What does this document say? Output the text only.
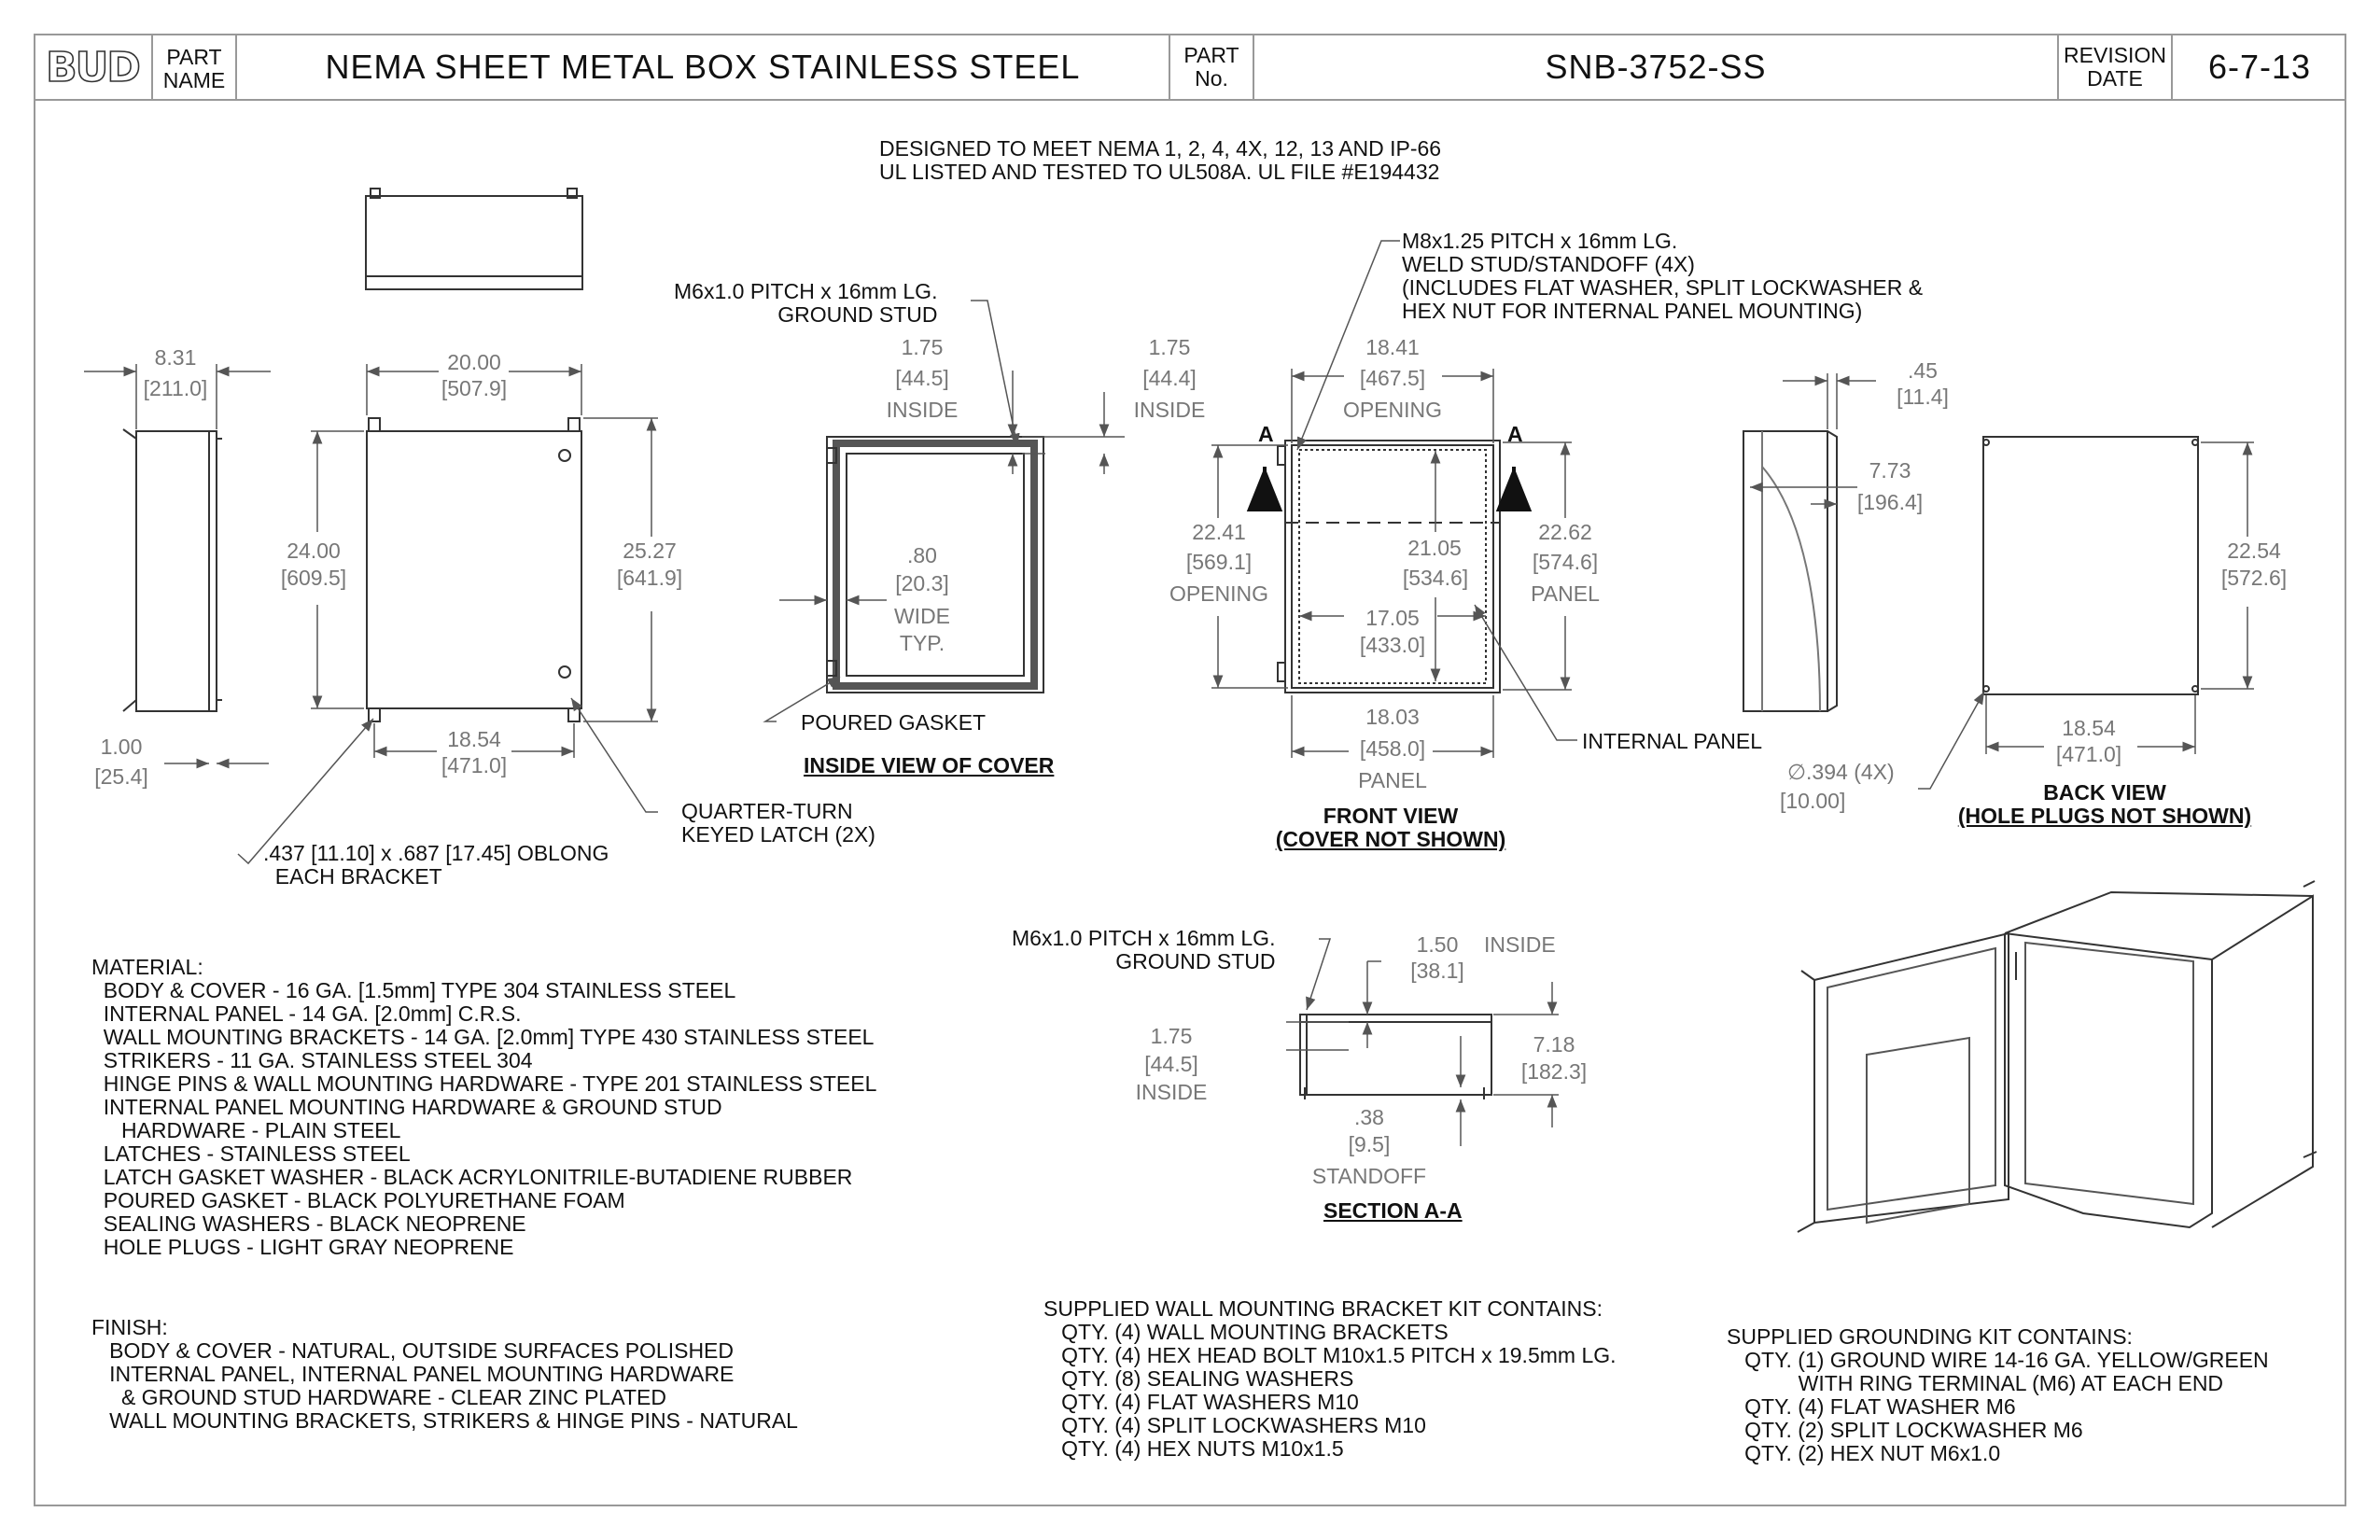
BUD	PART NAME	NEMA SHEET METAL BOX STAINLESS STEEL	PART No.	SNB-3752-SS	REVISION DATE	6-7-13
DESIGNED TO MEET NEMA 1, 2, 4, 4X, 12, 13 AND IP-66
UL LISTED AND TESTED TO UL508A. UL FILE #E194432
8.31
[211.0]
20.00
[507.9]
24.00
[609.5]
25.27
[641.9]
1.00
[25.4]
18.54
[471.0]
.437 [11.10] x .687 [17.45] OBLONG
EACH BRACKET
QUARTER-TURN
KEYED LATCH (2X)
M6x1.0 PITCH x 16mm LG.
GROUND STUD
1.75
[44.5]
INSIDE
1.75
[44.4]
INSIDE
.80
[20.3]
WIDE
TYP.
POURED GASKET
INSIDE VIEW OF COVER
M8x1.25 PITCH x 16mm LG.
WELD STUD/STANDOFF (4X)
(INCLUDES FLAT WASHER, SPLIT LOCKWASHER &
HEX NUT FOR INTERNAL PANEL MOUNTING)
A	A
18.41
[467.5]
OPENING
22.41
[569.1]
OPENING
22.62
[574.6]
PANEL
21.05
[534.6]
17.05
[433.0]
18.03
[458.0]
PANEL
INTERNAL PANEL
FRONT VIEW
(COVER NOT SHOWN)
.45
[11.4]
7.73
[196.4]
22.54
[572.6]
18.54
[471.0]
∅.394 (4X)
[10.00]	BACK VIEW
(HOLE PLUGS NOT SHOWN)
M6x1.0 PITCH x 16mm LG.
GROUND STUD
1.50	INSIDE
[38.1]
1.75
[44.5]
INSIDE
7.18
[182.3]
.38
[9.5]
STANDOFF
SECTION A-A
MATERIAL:
BODY & COVER - 16 GA. [1.5mm] TYPE 304 STAINLESS STEEL
INTERNAL PANEL - 14 GA. [2.0mm] C.R.S.
WALL MOUNTING BRACKETS - 14 GA. [2.0mm] TYPE 430 STAINLESS STEEL
STRIKERS - 11 GA. STAINLESS STEEL 304
HINGE PINS & WALL MOUNTING HARDWARE - TYPE 201 STAINLESS STEEL
INTERNAL PANEL MOUNTING HARDWARE & GROUND STUD
HARDWARE - PLAIN STEEL
LATCHES - STAINLESS STEEL
LATCH GASKET WASHER - BLACK ACRYLONITRILE-BUTADIENE RUBBER
POURED GASKET - BLACK POLYURETHANE FOAM
SEALING WASHERS - BLACK NEOPRENE
HOLE PLUGS - LIGHT GRAY NEOPRENE
FINISH:
BODY & COVER - NATURAL, OUTSIDE SURFACES POLISHED
INTERNAL PANEL, INTERNAL PANEL MOUNTING HARDWARE
& GROUND STUD HARDWARE - CLEAR ZINC PLATED
WALL MOUNTING BRACKETS, STRIKERS & HINGE PINS - NATURAL
SUPPLIED WALL MOUNTING BRACKET KIT CONTAINS:
QTY. (4) WALL MOUNTING BRACKETS
QTY. (4) HEX HEAD BOLT M10x1.5 PITCH x 19.5mm LG.
QTY. (8) SEALING WASHERS
QTY. (4) FLAT WASHERS M10
QTY. (4) SPLIT LOCKWASHERS M10
QTY. (4) HEX NUTS M10x1.5
SUPPLIED GROUNDING KIT CONTAINS:
QTY. (1) GROUND WIRE 14-16 GA. YELLOW/GREEN
WITH RING TERMINAL (M6) AT EACH END
QTY. (4) FLAT WASHER M6
QTY. (2) SPLIT LOCKWASHER M6
QTY. (2) HEX NUT M6x1.0
